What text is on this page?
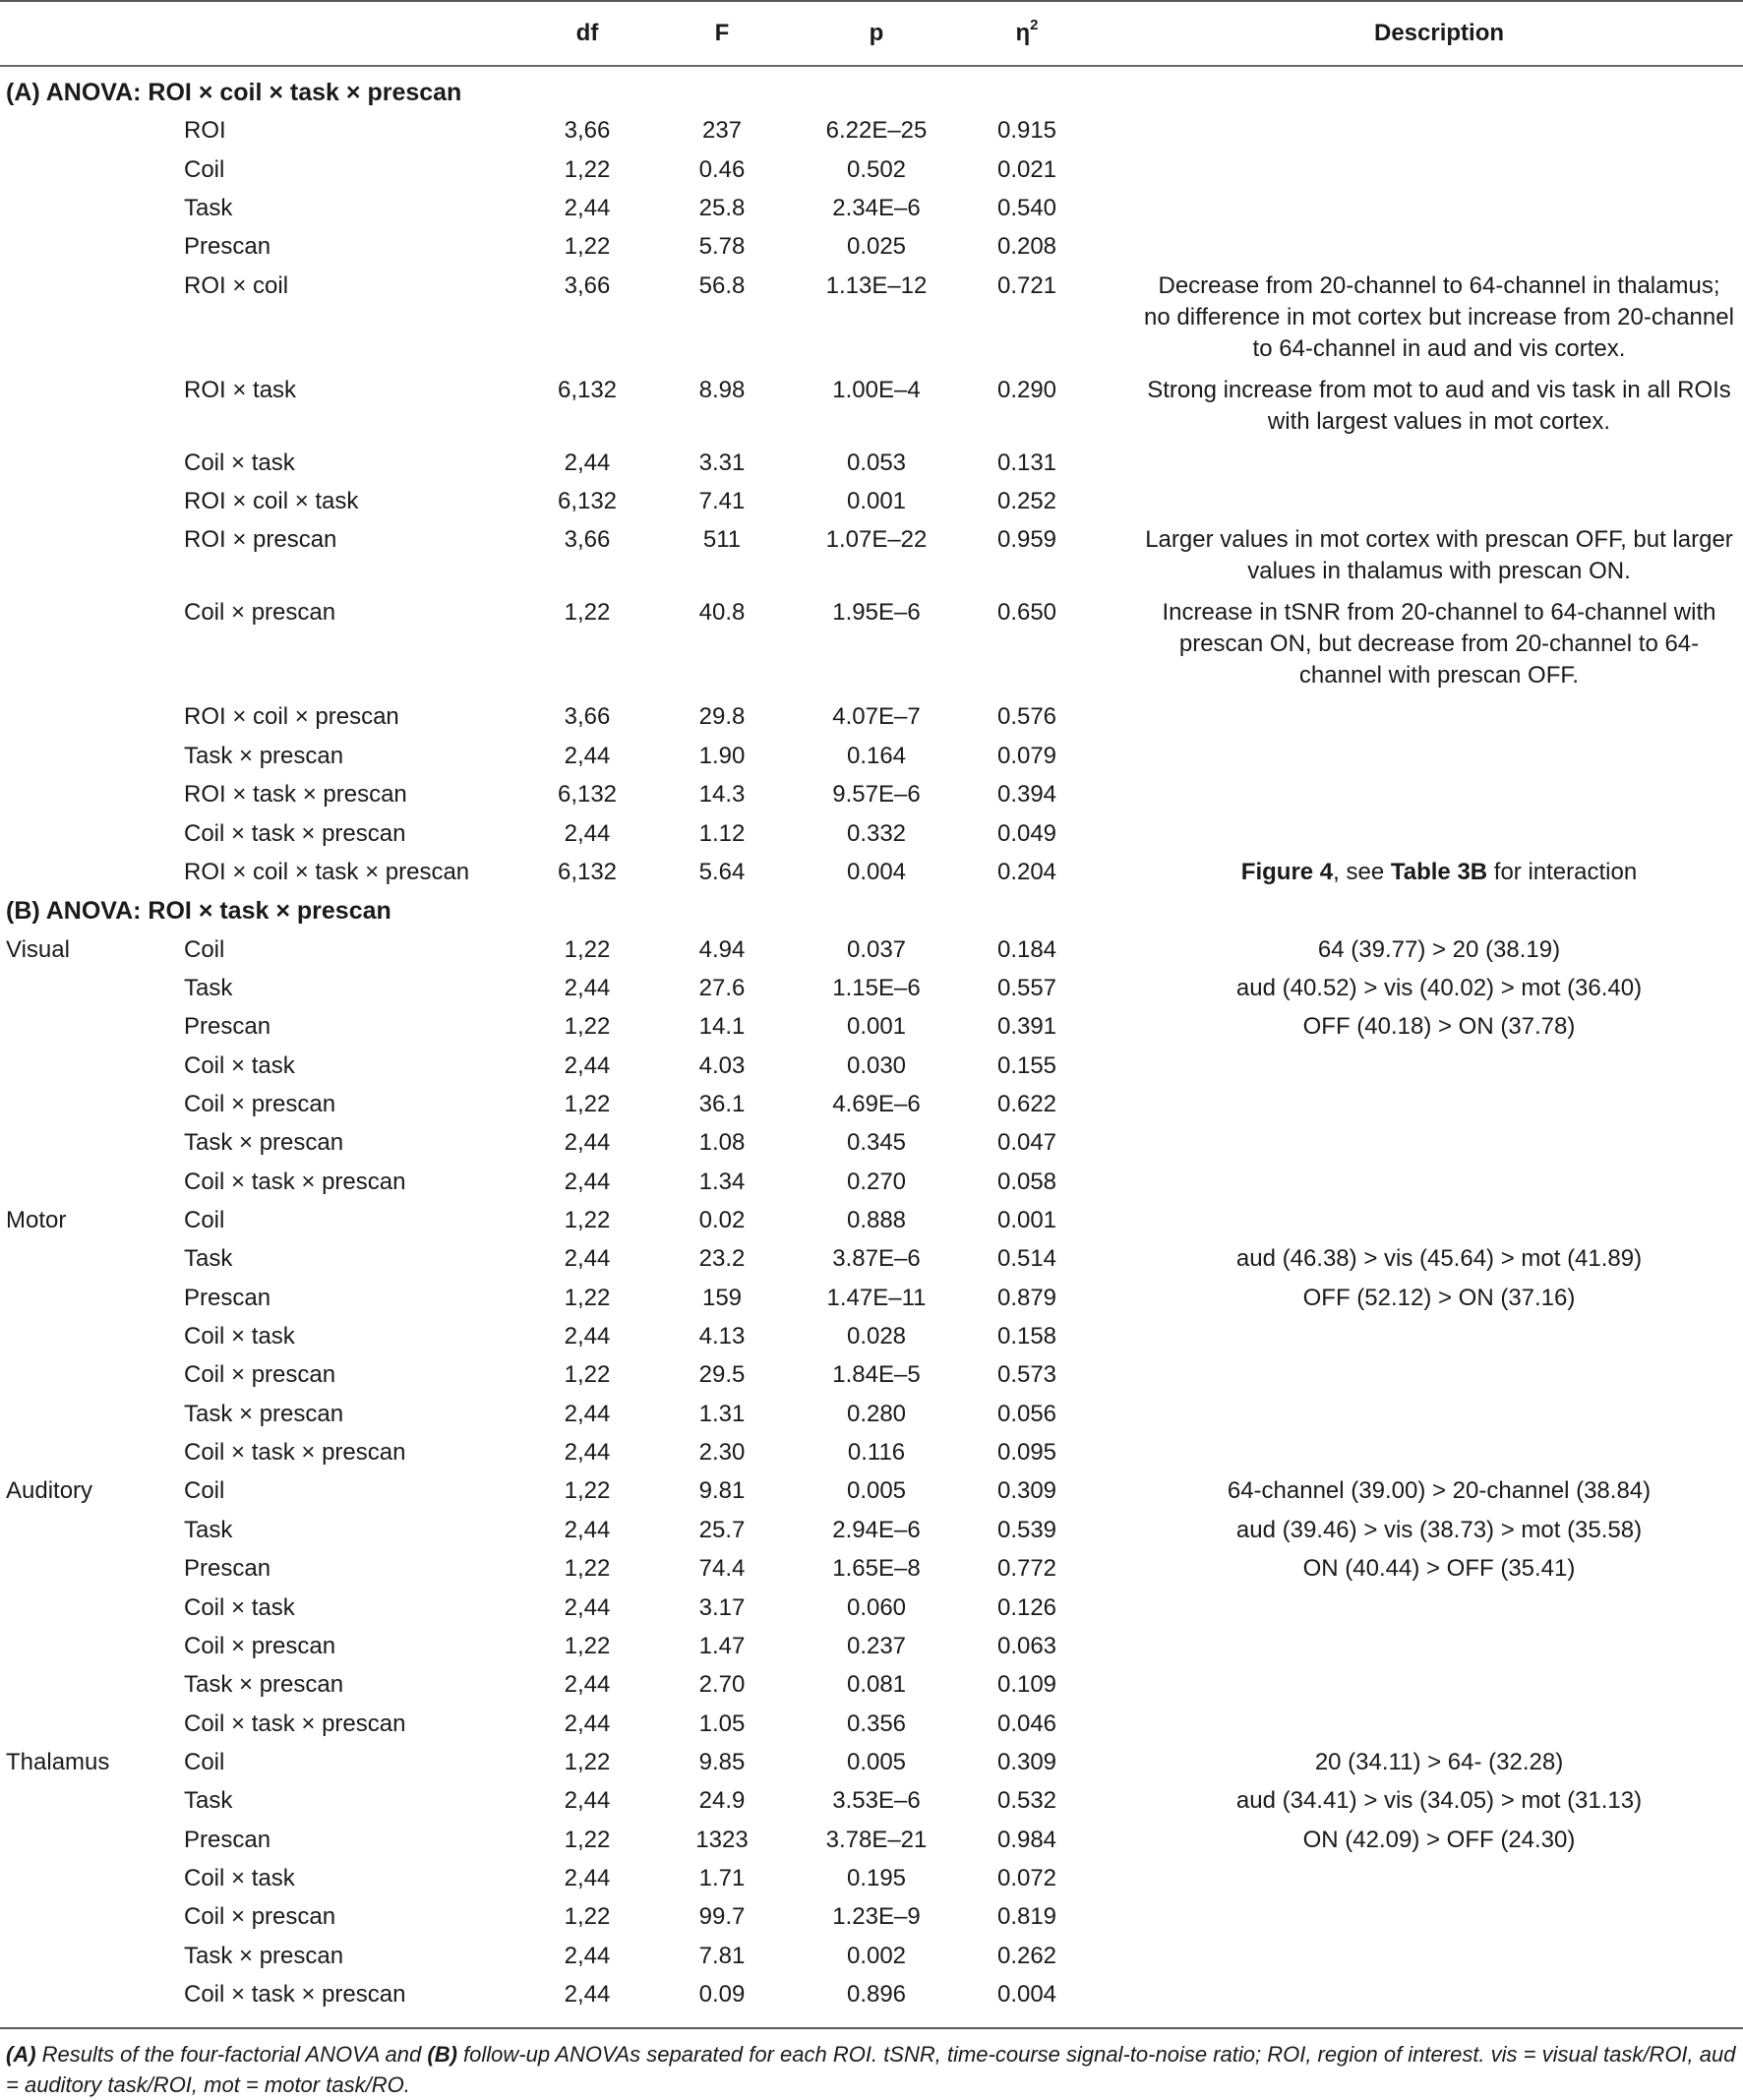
df	F	p	$\eta^2$	Description
(A) ANOVA: ROI × coil × task × prescan
ROI	3,66	237	6.22E–25	0.915
Coil	1,22	0.46	0.502	0.021
Task	2,44	25.8	2.34E–6	0.540
Prescan	1,22	5.78	0.025	0.208
ROI × coil	3,66	56.8	1.13E–12	0.721	Decrease from 20-channel to 64-channel in thalamus; no difference in mot cortex but increase from 20-channel to 64-channel in aud and vis cortex.
ROI × task	6,132	8.98	1.00E–4	0.290	Strong increase from mot to aud and vis task in all ROIs with largest values in mot cortex.
Coil × task	2,44	3.31	0.053	0.131
ROI × coil × task	6,132	7.41	0.001	0.252
ROI × prescan	3,66	511	1.07E–22	0.959	Larger values in mot cortex with prescan OFF, but larger values in thalamus with prescan ON.
Coil × prescan	1,22	40.8	1.95E–6	0.650	Increase in tSNR from 20-channel to 64-channel with prescan ON, but decrease from 20-channel to 64-channel with prescan OFF.
ROI × coil × prescan	3,66	29.8	4.07E–7	0.576
Task × prescan	2,44	1.90	0.164	0.079
ROI × task × prescan	6,132	14.3	9.57E–6	0.394
Coil × task × prescan	2,44	1.12	0.332	0.049
ROI × coil × task × prescan	6,132	5.64	0.004	0.204	Figure 4, see Table 3B for interaction
(B) ANOVA: ROI × task × prescan
Visual	Coil	1,22	4.94	0.037	0.184	64 (39.77) > 20 (38.19)
Task	2,44	27.6	1.15E–6	0.557	aud (40.52) > vis (40.02) > mot (36.40)
Prescan	1,22	14.1	0.001	0.391	OFF (40.18) > ON (37.78)
Coil × task	2,44	4.03	0.030	0.155
Coil × prescan	1,22	36.1	4.69E–6	0.622
Task × prescan	2,44	1.08	0.345	0.047
Coil × task × prescan	2,44	1.34	0.270	0.058
Motor	Coil	1,22	0.02	0.888	0.001
Task	2,44	23.2	3.87E–6	0.514	aud (46.38) > vis (45.64) > mot (41.89)
Prescan	1,22	159	1.47E–11	0.879	OFF (52.12) > ON (37.16)
Coil × task	2,44	4.13	0.028	0.158
Coil × prescan	1,22	29.5	1.84E–5	0.573
Task × prescan	2,44	1.31	0.280	0.056
Coil × task × prescan	2,44	2.30	0.116	0.095
Auditory	Coil	1,22	9.81	0.005	0.309	64-channel (39.00) > 20-channel (38.84)
Task	2,44	25.7	2.94E–6	0.539	aud (39.46) > vis (38.73) > mot (35.58)
Prescan	1,22	74.4	1.65E–8	0.772	ON (40.44) > OFF (35.41)
Coil × task	2,44	3.17	0.060	0.126
Coil × prescan	1,22	1.47	0.237	0.063
Task × prescan	2,44	2.70	0.081	0.109
Coil × task × prescan	2,44	1.05	0.356	0.046
Thalamus	Coil	1,22	9.85	0.005	0.309	20 (34.11) > 64- (32.28)
Task	2,44	24.9	3.53E–6	0.532	aud (34.41) > vis (34.05) > mot (31.13)
Prescan	1,22	1323	3.78E–21	0.984	ON (42.09) > OFF (24.30)
Coil × task	2,44	1.71	0.195	0.072
Coil × prescan	1,22	99.7	1.23E–9	0.819
Task × prescan	2,44	7.81	0.002	0.262
Coil × task × prescan	2,44	0.09	0.896	0.004
(A) Results of the four-factorial ANOVA and (B) follow-up ANOVAs separated for each ROI. tSNR, time-course signal-to-noise ratio; ROI, region of interest. vis = visual task/ROI, aud = auditory task/ROI, mot = motor task/RO.
